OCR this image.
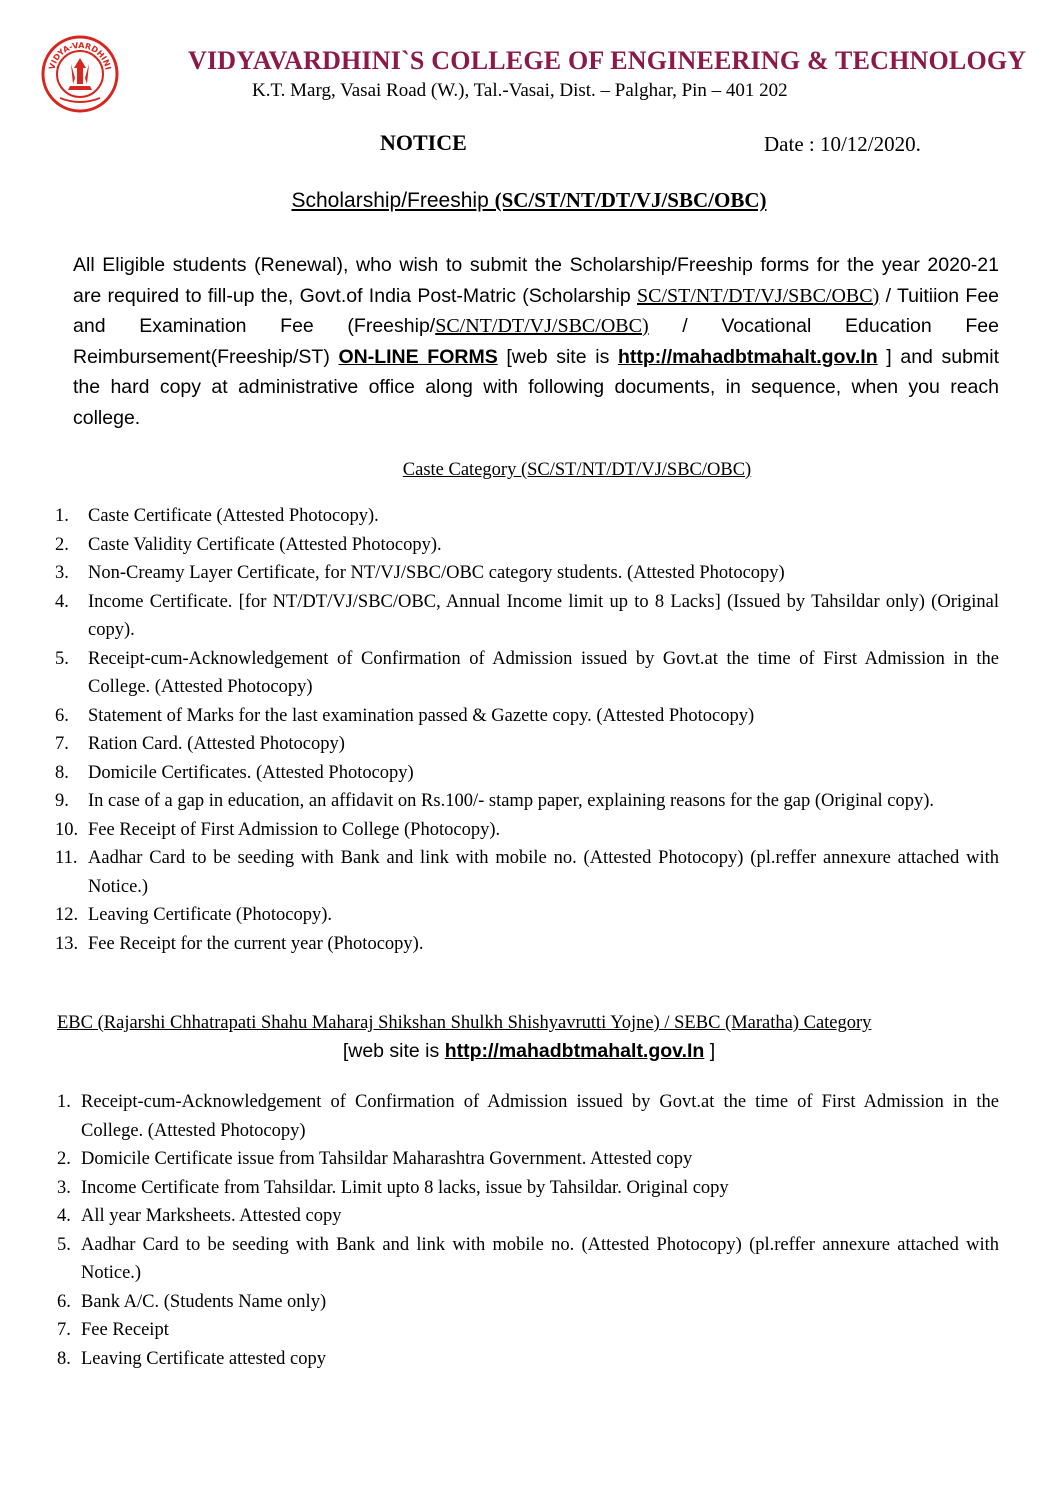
VIDYA-VARDHINI	VIDYAVARDHINI`S COLLEGE OF ENGINEERING & TECHNOLOGY
K.T. Marg, Vasai Road (W.), Tal.-Vasai, Dist. – Palghar, Pin – 401 202
NOTICE	Date : 10/12/2020.
Scholarship/Freeship (SC/ST/NT/DT/VJ/SBC/OBC)
All Eligible students (Renewal), who wish to submit the Scholarship/Freeship forms for the year 2020-21 are required to fill-up the, Govt.of India Post-Matric (Scholarship SC/ST/NT/DT/VJ/SBC/OBC) / Tuitiion Fee and Examination Fee (Freeship/SC/NT/DT/VJ/SBC/OBC) / Vocational Education Fee Reimbursement(Freeship/ST) ON-LINE FORMS [web site is http://mahadbtmahalt.gov.In ] and submit the hard copy at administrative office along with following documents, in sequence, when you reach college.
Caste Category (SC/ST/NT/DT/VJ/SBC/OBC)
1. Caste Certificate (Attested Photocopy).
2. Caste Validity Certificate (Attested Photocopy).
3. Non-Creamy Layer Certificate, for NT/VJ/SBC/OBC category students. (Attested Photocopy)
4. Income Certificate. [for NT/DT/VJ/SBC/OBC, Annual Income limit up to 8 Lacks] (Issued by Tahsildar only) (Original copy).
5. Receipt-cum-Acknowledgement of Confirmation of Admission issued by Govt.at the time of First Admission in the College. (Attested Photocopy)
6. Statement of Marks for the last examination passed & Gazette copy. (Attested Photocopy)
7. Ration Card. (Attested Photocopy)
8. Domicile Certificates. (Attested Photocopy)
9. In case of a gap in education, an affidavit on Rs.100/- stamp paper, explaining reasons for the gap (Original copy).
10. Fee Receipt of First Admission to College (Photocopy).
11. Aadhar Card to be seeding with Bank and link with mobile no. (Attested Photocopy) (pl.reffer annexure attached with Notice.)
12. Leaving Certificate (Photocopy).
13. Fee Receipt for the current year (Photocopy).
EBC (Rajarshi Chhatrapati Shahu Maharaj Shikshan Shulkh Shishyavrutti Yojne) / SEBC (Maratha) Category
[web site is http://mahadbtmahalt.gov.In ]
1. Receipt-cum-Acknowledgement of Confirmation of Admission issued by Govt.at the time of First Admission in the College. (Attested Photocopy)
2. Domicile Certificate issue from Tahsildar Maharashtra Government. Attested copy
3. Income Certificate from Tahsildar. Limit upto 8 lacks, issue by Tahsildar. Original copy
4. All year Marksheets. Attested copy
5. Aadhar Card to be seeding with Bank and link with mobile no. (Attested Photocopy) (pl.reffer annexure attached with Notice.)
6. Bank A/C. (Students Name only)
7. Fee Receipt
8. Leaving Certificate attested copy
